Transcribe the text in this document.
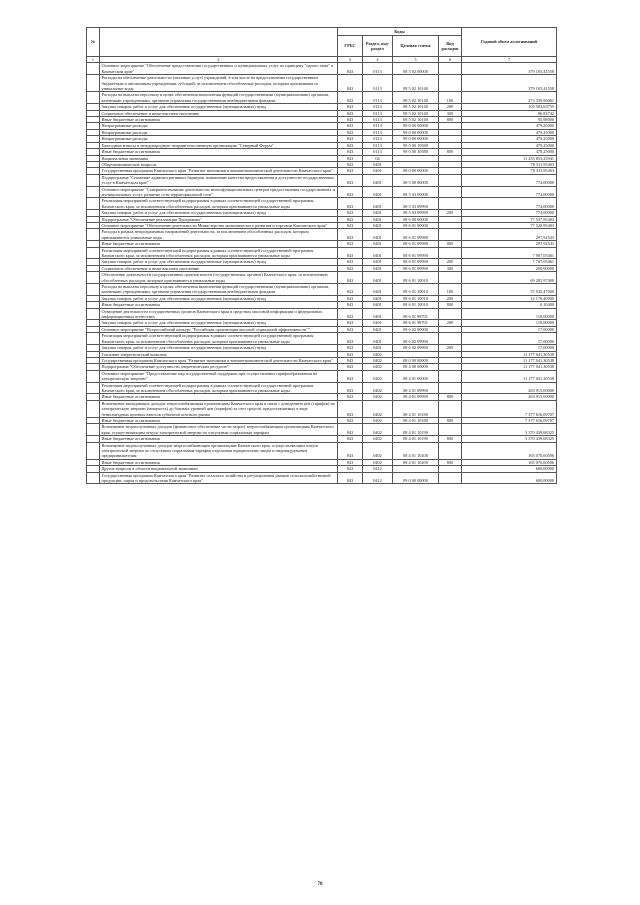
№		Коды				Годовой объем ассигнований
		ГРБС	Раздел, под-раздел	Целевая статья	Вид расходов	
1	2	3	4	5	6	7
	Основное мероприятие "Обеспечение предоставления государственных и муниципальных услуг по принципу "одного окна" в Камчатском крае"	843	0113	08 5 02 00000		379 105,41558
	Расходы на обеспечение деятельности (оказание услуг) учреждений, в том числе на предоставление государственным бюджетным и автономным учреждениям субсидий, за исключением обособленных расходов, которым присваиваются уникальные коды	843	0113	08 5 02 10140		379 105,41558
	Расходы на выплаты персоналу в целях обеспечения выполнения функций государственными (муниципальными) органами, казенными учреждениями, органами управления государственными внебюджетными фондами	843	0113	08 5 02 10140	100	273 339,96061
	Закупка товаров, работ и услуг для обеспечения государственных (муниципальных) нужд	843	0113	08 5 02 10140	200	105 583,63755
	Социальное обеспечение и иные выплаты населению	843	0113	08 5 02 10140	300	86,83742
	Иные бюджетные ассигнования	843	0113	08 5 02 10140	800	95,98000
	Непрограммные расходы	843	0113	99 0 00 00000		479,25000
	Непрограммные расходы	843	0113	99 0 00 00000		479,25000
	Непрограммные расходы	843	0113	99 0 00 00000		479,25000
	Ежегодные взносы в международную неправительственную организацию "Северный Форум"	843	0113	99 0 00 10580		479,25000
	Иные бюджетные ассигнования	843	0113	99 0 00 10580	800	479,25000
	Национальная экономика	843	04			11 255 853,25941
	Общеэкономические вопросы	843	0401			78 311,95403
	Государственная программа Камчатского края "Развитие экономики и внешнеэкономической деятельности Камчатского края"	843	0401	08 0 00 00000		78 311,95403
	Подпрограмма "Снижение административных барьеров, повышение качества предоставления и доступности государственных услуг в Камчатском крае"	843	0401	08 5 00 00000		774,00000
	Основное мероприятие "Совершенствование деятельности многофункциональных центров предоставления государственных и муниципальных услуг, развитие сети территориальной сети"	843	0401	08 5 03 00000		774,00000
	Реализация мероприятий соответствующей подпрограммы в рамках соответствующей государственной программы Камчатского края, за исключением обособленных расходов, которым присваиваются уникальные коды	843	0401	08 5 03 09990		774,00000
	Закупка товаров, работ и услуг для обеспечения государственных (муниципальных) нужд	843	0401	08 5 03 09990	200	774,00000
	Подпрограмма "Обеспечение реализации Программы"	843	0401	08 6 00 00000		77 537,95403
	Основное мероприятие "Обеспечение деятельности Министерства экономического развития и торговли Камчатского края"	843	0401	08 6 01 00000		77 520,95403
	Расходы в рамках непрограммных направлений деятельности, за исключением обособленных расходов, которым присваиваются уникальные коды	843	0401	08 6 01 09980		297,92543
	Иные бюджетные ассигнования	843	0401	08 6 01 09980	800	297,92543
	Реализация мероприятий соответствующей подпрограммы в рамках соответствующей государственной программы Камчатского края, за исключением обособленных расходов, которым присваиваются уникальные коды	843	0401	08 6 01 09990		7 907,05461
	Закупка товаров, работ и услуг для обеспечения государственных (муниципальных) нужд	843	0401	08 6 01 09990	200	7 707,05461
	Социальное обеспечение и иные выплаты населению	843	0401	08 6 01 09990	300	200,00000
	Обеспечение деятельности государственных органов власти (государственных органов) Камчатского края, за исключением обособленных расходов, которым присваиваются уникальные коды	843	0401	08 6 01 10010		69 205,97400
	Расходы на выплаты персоналу в целях обеспечения выполнения функций государственными (муниципальными) органами, казенными учреждениями, органами управления государственными внебюджетными фондами	843	0401	08 6 01 10010	100	57 035,47000
	Закупка товаров, работ и услуг для обеспечения государственных (муниципальных) нужд	843	0401	08 6 01 10010	200	12 170,40000
	Иные бюджетные ассигнования	843	0401	08 6 01 10010	800	0,10400
	Освещение деятельности государственных органов Камчатского края в средствах массовой информации и федеральных информационных агентствах	843	0401	08 6 01 98701		110,00000
	Закупка товаров, работ и услуг для обеспечения государственных (муниципальных) нужд	843	0401	08 6 01 98701	200	110,00000
	Основное мероприятие "Всероссийский конкурс "Российская организация высокой социальной эффективности""	843	0401	08 6 02 00000		17,00000
	Реализация мероприятий соответствующей подпрограммы в рамках соответствующей государственной программы Камчатского края, за исключением обособленных расходов, которым присваиваются уникальные коды	843	0401	08 6 02 09990		17,00000
	Закупка товаров, работ и услуг для обеспечения государственных (муниципальных) нужд	843	0401	08 6 02 09990	200	17,00000
	Топливно-энергетический комплекс	843	0402			11 177 041,30538
	Государственная программа Камчатского края "Развитие экономики и внешнеэкономической деятельности Камчатского края"	843	0402	08 0 00 00000		11 177 041,30538
	Подпрограмма "Обеспечение доступности энергетических ресурсов"	843	0402	08 4 00 00000		11 177 041,30538
	Основное мероприятие "Предоставление мер государственной поддержки при осуществлении тарифообразования на электрическую энергию"	843	0402	08 4 01 00000		11 177 041,30538
	Реализация мероприятий соответствующей подпрограммы в рамках соответствующей государственной программы Камчатского края, за исключением обособленных расходов, которым присваиваются уникальные коды	843	0402	08 4 01 09990		263 915,00000
	Иные бюджетные ассигнования	843	0402	08 4 01 09990	800	263 915,00000
	Возмещение выпадающих доходов энергоснабжающим организациям Камчатского края в связи с доведением цен (тарифов) на электрическую энергию (мощность) до базовых уровней цен (тарифов) за счет средств, предоставляемых в виде безвозмездных целевых взносов субъектов оптового рынка	843	0402	08 4 01 10180		7 377 616,09707
	Иные бюджетные ассигнования	843	0402	08 4 01 10180	800	7 377 616,09707
	Возмещение недополученных доходов (финансовое обеспечение части затрат) энергоснабжающим организациям Камчатского края, осуществляющим отпуск электрической энергии по отпускным социальным тарифам	843	0402	08 4 01 10190		3 370 439,68325
	Иные бюджетные ассигнования	843	0402	08 4 01 10190	800	3 370 439,68325
	Возмещение недополученных доходов энергоснабжающим организациям Камчатского края, осуществляющим отпуск электрической энергии по отпускным социальным тарифам отдельным юридическим лицам и индивидуальным предпринимателям	843	0402	08 4 01 10200		165 070,60506
	Иные бюджетные ассигнования	843	0402	08 4 01 10200	800	165 070,60506
	Другие вопросы в области национальной экономики	843	0412			600,00000
	Государственная программа Камчатского края "Развитие сельского хозяйства и регулирования рынков сельскохозяйственной продукции, сырья и продовольствия Камчатского края"	843	0412	09 0 00 00000		600,00000
70
